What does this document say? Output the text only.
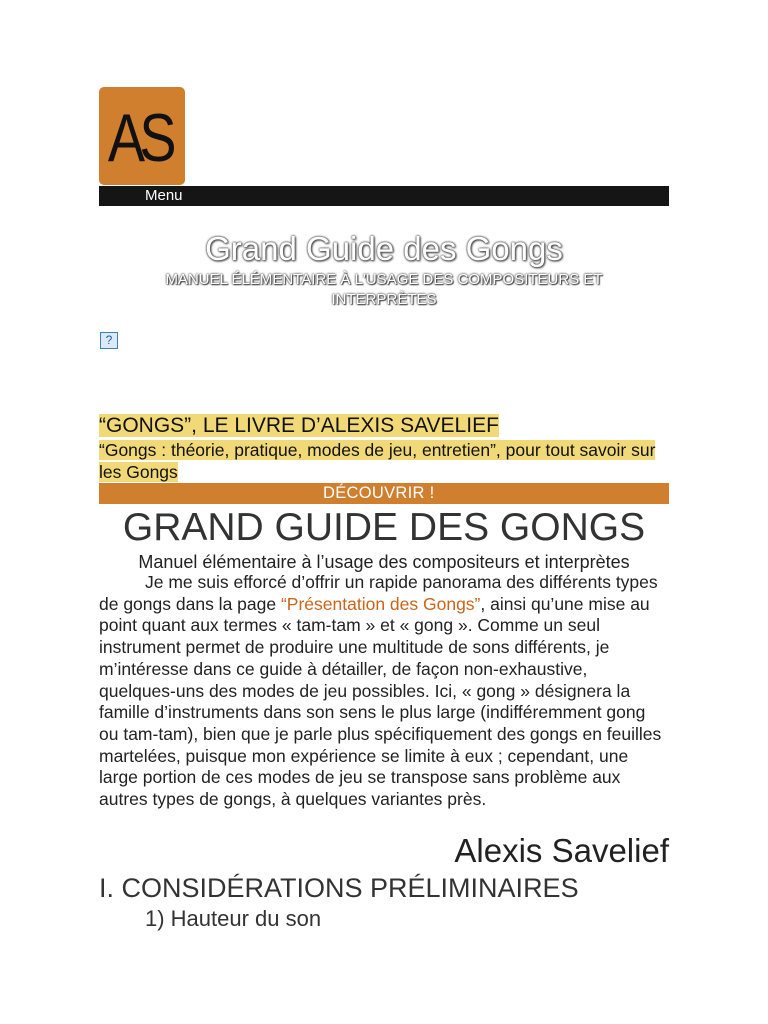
AS
Menu
Grand Guide des Gongs
MANUEL ÉLÉMENTAIRE À L'USAGE DES COMPOSITEURS ET INTERPRÈTES
?
“GONGS”, LE LIVRE D’ALEXIS SAVELIEF
“Gongs : théorie, pratique, modes de jeu, entretien”, pour tout savoir sur les Gongs
DÉCOUVRIR !
GRAND GUIDE DES GONGS
Manuel élémentaire à l’usage des compositeurs et interprètes
Je me suis efforcé d’offrir un rapide panorama des différents types de gongs dans la page “Présentation des Gongs”, ainsi qu’une mise au point quant aux termes « tam-tam » et « gong ». Comme un seul instrument permet de produire une multitude de sons différents, je m’intéresse dans ce guide à détailler, de façon non-exhaustive, quelques-uns des modes de jeu possibles. Ici, « gong » désignera la famille d’instruments dans son sens le plus large (indifféremment gong ou tam-tam), bien que je parle plus spécifiquement des gongs en feuilles martelées, puisque mon expérience se limite à eux ; cependant, une large portion de ces modes de jeu se transpose sans problème aux autres types de gongs, à quelques variantes près.
Alexis Savelief
I. CONSIDÉRATIONS PRÉLIMINAIRES
1) Hauteur du son
